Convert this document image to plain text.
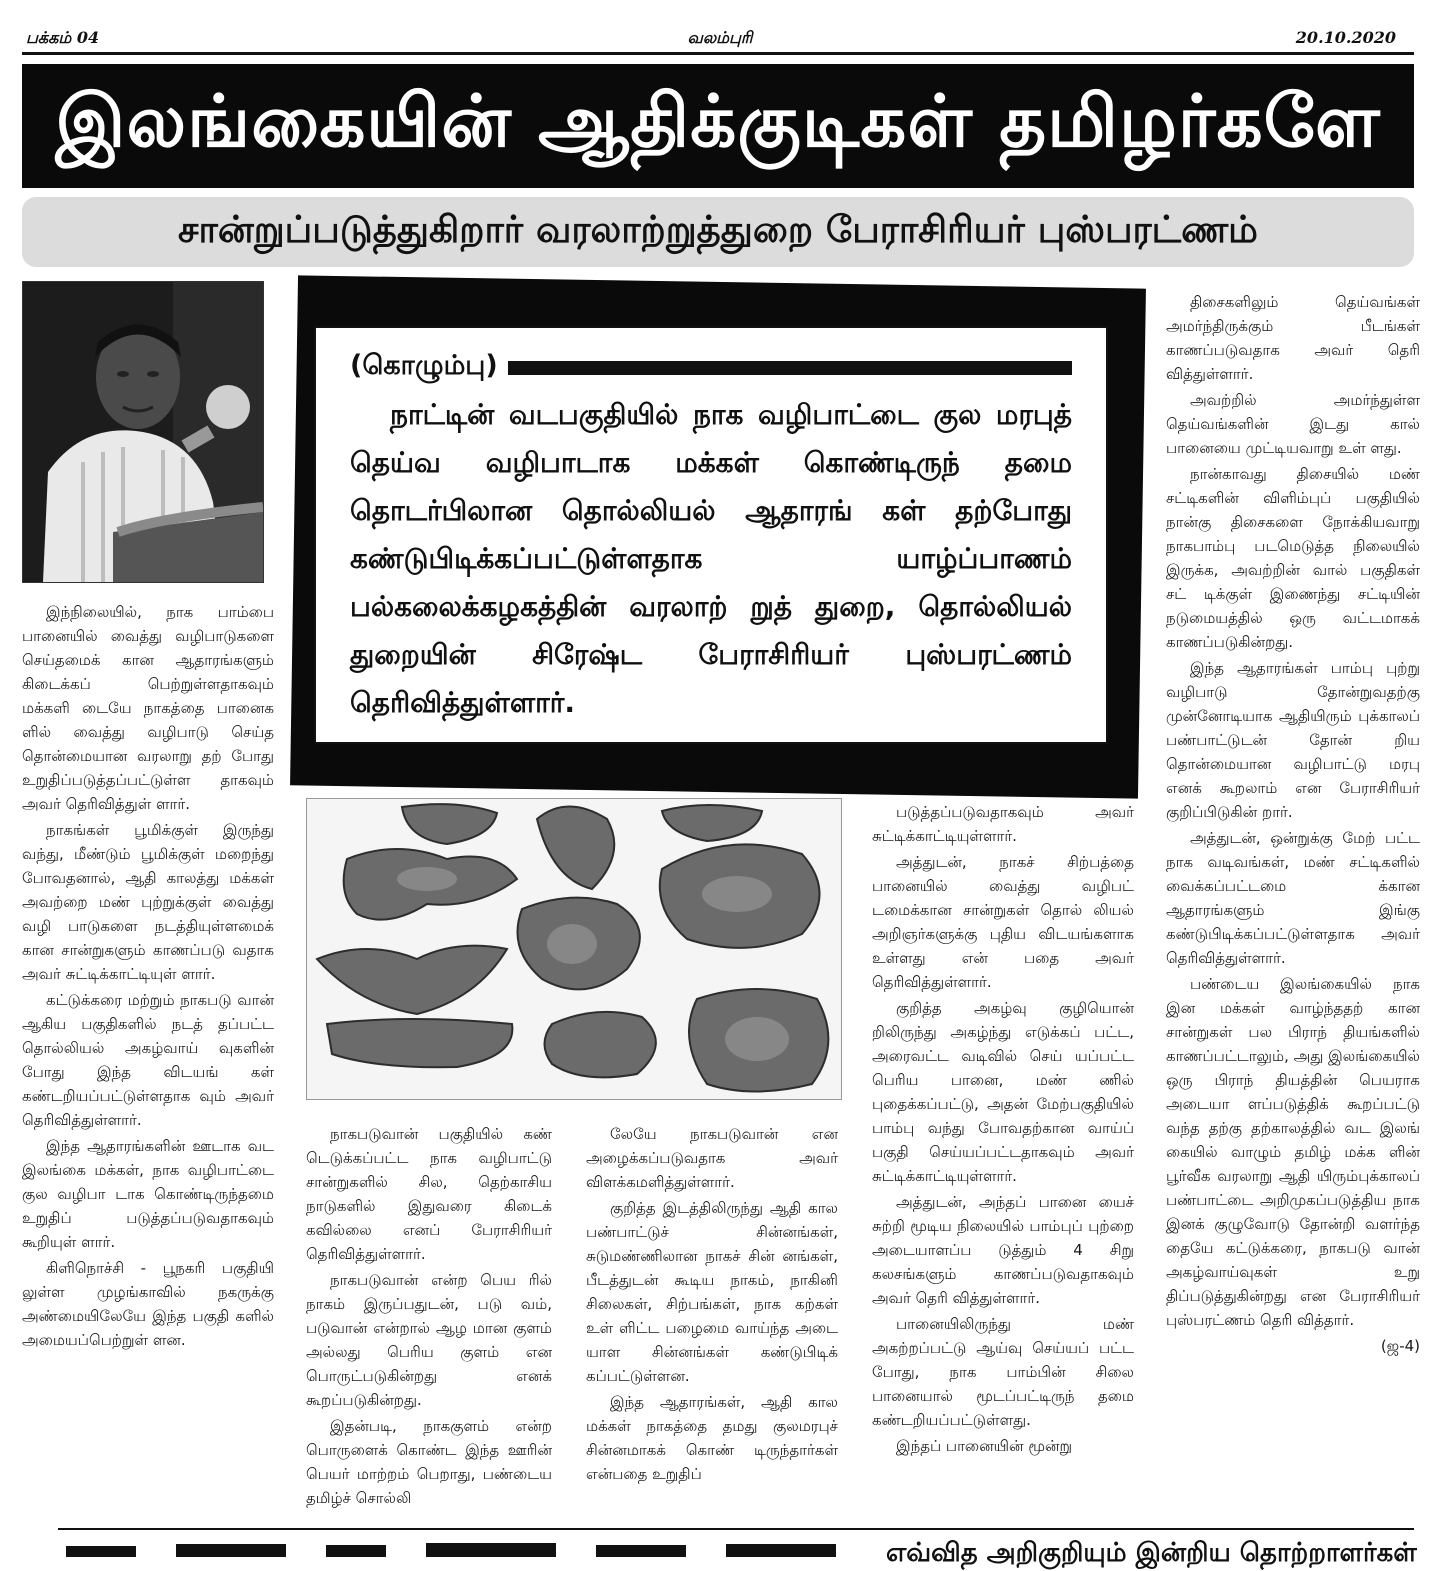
பக்கம் 04	வலம்புரி	20.10.2020
இலங்கையின் ஆதிக்குடிகள் தமிழர்களே
சான்றுப்படுத்துகிறார் வரலாற்றுத்துறை பேராசிரியர் புஸ்பரட்ணம்
(கொழும்பு)
நாட்டின் வடபகுதியில் நாக வழிபாட்டை குல மரபுத் தெய்வ வழிபாடாக மக்கள் கொண்டிருந் தமை தொடர்பிலான தொல்லியல் ஆதாரங் கள் தற்போது கண்டுபிடிக்கப்பட்டுள்ளதாக யாழ்ப்பாணம் பல்கலைக்கழகத்தின் வரலாற் றுத் துறை, தொல்லியல் துறையின் சிரேஷ்ட பேராசிரியர் புஸ்பரட்ணம் தெரிவித்துள்ளார்.

இந்நிலையில், நாக பாம்பை பானையில் வைத்து வழிபாடுகளை செய்தமைக் கான ஆதாரங்களும் கிடைக்கப் பெற்றுள்ளதாகவும் மக்களி டையே நாகத்தை பானைக ளில் வைத்து வழிபாடு செய்த தொன்மையான வரலாறு தற் போது உறுதிப்படுத்தப்பட்டுள்ள தாகவும் அவர் தெரிவித்துள் ளார்.

நாகங்கள் பூமிக்குள் இருந்து வந்து, மீண்டும் பூமிக்குள் மறைந்து போவதனால், ஆதி காலத்து மக்கள் அவற்றை மண் புற்றுக்குள் வைத்து வழி பாடுகளை நடத்தியுள்ளமைக் கான சான்றுகளும் காணப்படு வதாக அவர் சுட்டிக்காட்டியுள் ளார்.

கட்டுக்கரை மற்றும் நாகபடு வான் ஆகிய பகுதிகளில் நடத் தப்பட்ட தொல்லியல் அகழ்வாய் வுகளின் போது இந்த விடயங் கள் கண்டறியப்பட்டுள்ளதாக வும் அவர் தெரிவித்துள்ளார்.

இந்த ஆதாரங்களின் ஊடாக வட இலங்கை மக்கள், நாக வழிபாட்டை குல வழிபா டாக கொண்டிருந்தமை உறுதிப் படுத்தப்படுவதாகவும் கூறியுள் ளார்.

கிளிநொச்சி - பூநகரி பகுதியி லுள்ள முழங்காவில் நகருக்கு அண்மையிலேயே இந்த பகுதி களில் அமையப்பெற்றுள் ளன.

நாகபடுவான் பகுதியில் கண் டெடுக்கப்பட்ட நாக வழிபாட்டு சான்றுகளில் சில, தெற்காசிய நாடுகளில் இதுவரை கிடைக் கவில்லை எனப் பேராசிரியர் தெரிவித்துள்ளார்.

நாகபடுவான் என்ற பெய ரில் நாகம் இருப்பதுடன், படு வம், படுவான் என்றால் ஆழ மான குளம் அல்லது பெரிய குளம் என பொருட்படுகின்றது எனக் கூறப்படுகின்றது.

இதன்படி, நாககுளம் என்ற பொருளைக் கொண்ட இந்த ஊரின் பெயர் மாற்றம் பெறாது, பண்டைய தமிழ்ச் சொல்லி

லேயே நாகபடுவான் என அழைக்கப்படுவதாக அவர் விளக்கமளித்துள்ளார்.

குறித்த இடத்திலிருந்து ஆதி கால பண்பாட்டுச் சின்னங்கள், சுடுமண்ணிலான நாகச் சின் னங்கள், பீடத்துடன் கூடிய நாகம், நாகினி சிலைகள், சிற்பங்கள், நாக கற்கள் உள் ளிட்ட பழைமை வாய்ந்த அடை யாள சின்னங்கள் கண்டுபிடிக் கப்பட்டுள்ளன.

இந்த ஆதாரங்கள், ஆதி கால மக்கள் நாகத்தை தமது குலமரபுச் சின்னமாகக் கொண் டிருந்தார்கள் என்பதை உறுதிப்

படுத்தப்படுவதாகவும் அவர் சுட்டிக்காட்டியுள்ளார்.

அத்துடன், நாகச் சிற்பத்தை பானையில் வைத்து வழிபட் டமைக்கான சான்றுகள் தொல் லியல் அறிஞர்களுக்கு புதிய விடயங்களாக உள்ளது என் பதை அவர் தெரிவித்துள்ளார்.

குறித்த அகழ்வு குழியொன் றிலிருந்து அகழ்ந்து எடுக்கப் பட்ட, அரைவட்ட வடிவில் செய் யப்பட்ட பெரிய பானை, மண் ணில் புதைக்கப்பட்டு, அதன் மேற்பகுதியில் பாம்பு வந்து போவதற்கான வாய்ப் பகுதி செய்யப்பட்டதாகவும் அவர் சுட்டிக்காட்டியுள்ளார்.

அத்துடன், அந்தப் பானை யைச் சுற்றி மூடிய நிலையில் பாம்புப் புற்றை அடையாளப்ப டுத்தும் 4 சிறு கலசங்களும் காணப்படுவதாகவும் அவர் தெரி வித்துள்ளார்.

பானையிலிருந்து மண் அகற்றப்பட்டு ஆய்வு செய்யப் பட்ட போது, நாக பாம்பின் சிலை பானையால் மூடப்பட்டிருந் தமை கண்டறியப்பட்டுள்ளது.

இந்தப் பானையின் மூன்று

திசைகளிலும் தெய்வங்கள் அமர்ந்திருக்கும் பீடங்கள் காணப்படுவதாக அவர் தெரி வித்துள்ளார்.

அவற்றில் அமர்ந்துள்ள தெய்வங்களின் இடது கால் பானையை முட்டியவாறு உள் ளது.

நான்காவது திசையில் மண் சட்டிகளின் விளிம்புப் பகுதியில் நான்கு திசைகளை நோக்கியவாறு நாகபாம்பு படமெடுத்த நிலையில் இருக்க, அவற்றின் வால் பகுதிகள் சட் டிக்குள் இணைந்து சட்டியின் நடுமையத்தில் ஒரு வட்டமாகக் காணப்படுகின்றது.

இந்த ஆதாரங்கள் பாம்பு புற்று வழிபாடு தோன்றுவதற்கு முன்னோடியாக ஆதியிரும் புக்காலப் பண்பாட்டுடன் தோன் றிய தொன்மையான வழிபாட்டு மரபு எனக் கூறலாம் என பேராசிரியர் குறிப்பிடுகின் றார்.

அத்துடன், ஒன்றுக்கு மேற் பட்ட நாக வடிவங்கள், மண் சட்டிகளில் வைக்கப்பட்டமை க்கான ஆதாரங்களும் இங்கு கண்டுபிடிக்கப்பட்டுள்ளதாக அவர் தெரிவித்துள்ளார்.

பண்டைய இலங்கையில் நாக இன மக்கள் வாழ்ந்ததற் கான சான்றுகள் பல பிராந் தியங்களில் காணப்பட்டாலும், அது இலங்கையில் ஒரு பிராந் தியத்தின் பெயராக அடையா ளப்படுத்திக் கூறப்பட்டு வந்த தற்கு தற்காலத்தில் வட இலங் கையில் வாழும் தமிழ் மக்க ளின் பூர்வீக வரலாறு ஆதி யிரும்புக்காலப் பண்பாட்டை அறிமுகப்படுத்திய நாக இனக் குழுவோடு தோன்றி வளர்ந்த தையே கட்டுக்கரை, நாகபடு வான் அகழ்வாய்வுகள் உறு திப்படுத்துகின்றது என பேராசிரியர் புஸ்பரட்ணம் தெரி வித்தார்.

(ஜ-4)
எவ்வித அறிகுறியும் இன்றிய தொற்றாளர்கள்
